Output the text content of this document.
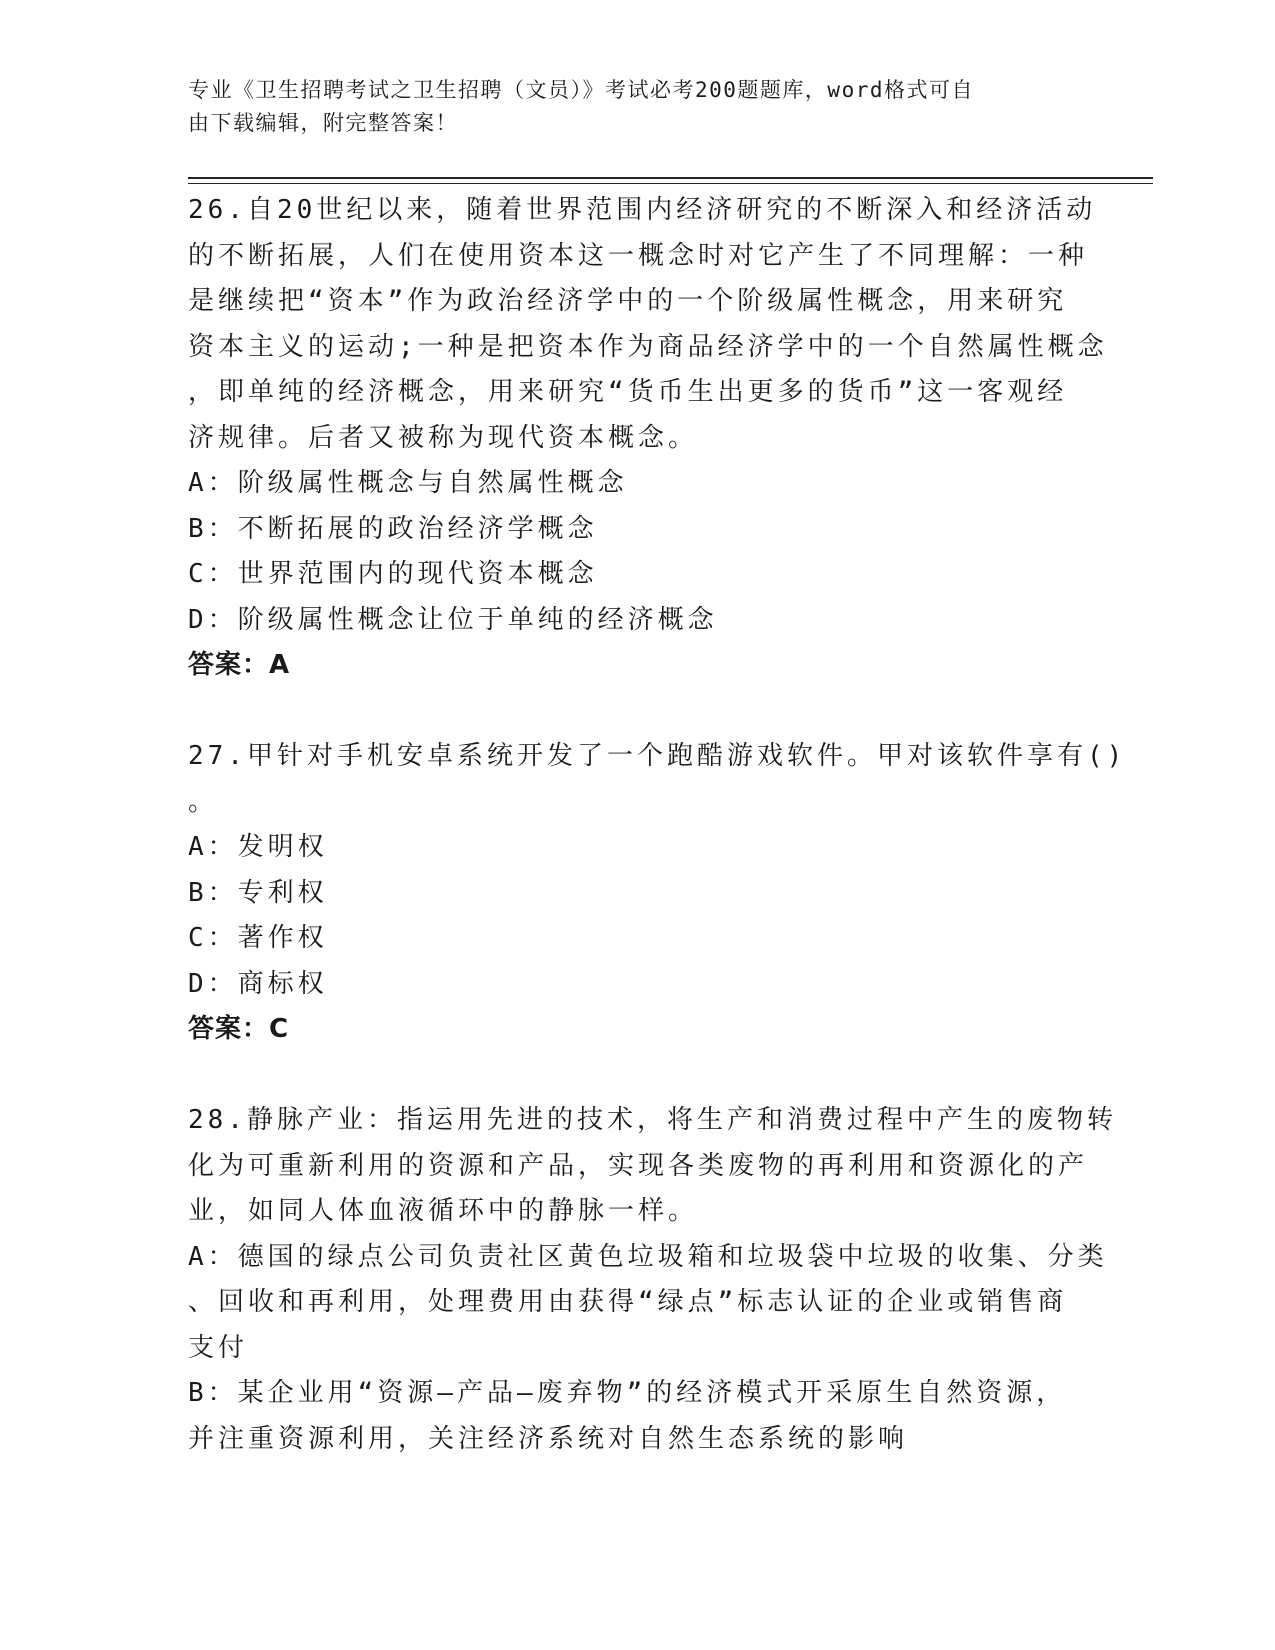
专业《卫生招聘考试之卫生招聘（文员）》考试必考200题题库，word格式可自
由下载编辑，附完整答案！
26.自20世纪以来，随着世界范围内经济研究的不断深入和经济活动
的不断拓展，人们在使用资本这一概念时对它产生了不同理解：一种
是继续把“资本”作为政治经济学中的一个阶级属性概念，用来研究
资本主义的运动;一种是把资本作为商品经济学中的一个自然属性概念
，即单纯的经济概念，用来研究“货币生出更多的货币”这一客观经
济规律。后者又被称为现代资本概念。
A：阶级属性概念与自然属性概念
B：不断拓展的政治经济学概念
C：世界范围内的现代资本概念
D：阶级属性概念让位于单纯的经济概念
答案：A
27.甲针对手机安卓系统开发了一个跑酷游戏软件。甲对该软件享有()
。
A：发明权
B：专利权
C：著作权
D：商标权
答案：C
28.静脉产业：指运用先进的技术，将生产和消费过程中产生的废物转
化为可重新利用的资源和产品，实现各类废物的再利用和资源化的产
业，如同人体血液循环中的静脉一样。
A：德国的绿点公司负责社区黄色垃圾箱和垃圾袋中垃圾的收集、分类
、回收和再利用，处理费用由获得“绿点”标志认证的企业或销售商
支付
B：某企业用“资源—产品—废弃物”的经济模式开采原生自然资源，
并注重资源利用，关注经济系统对自然生态系统的影响
